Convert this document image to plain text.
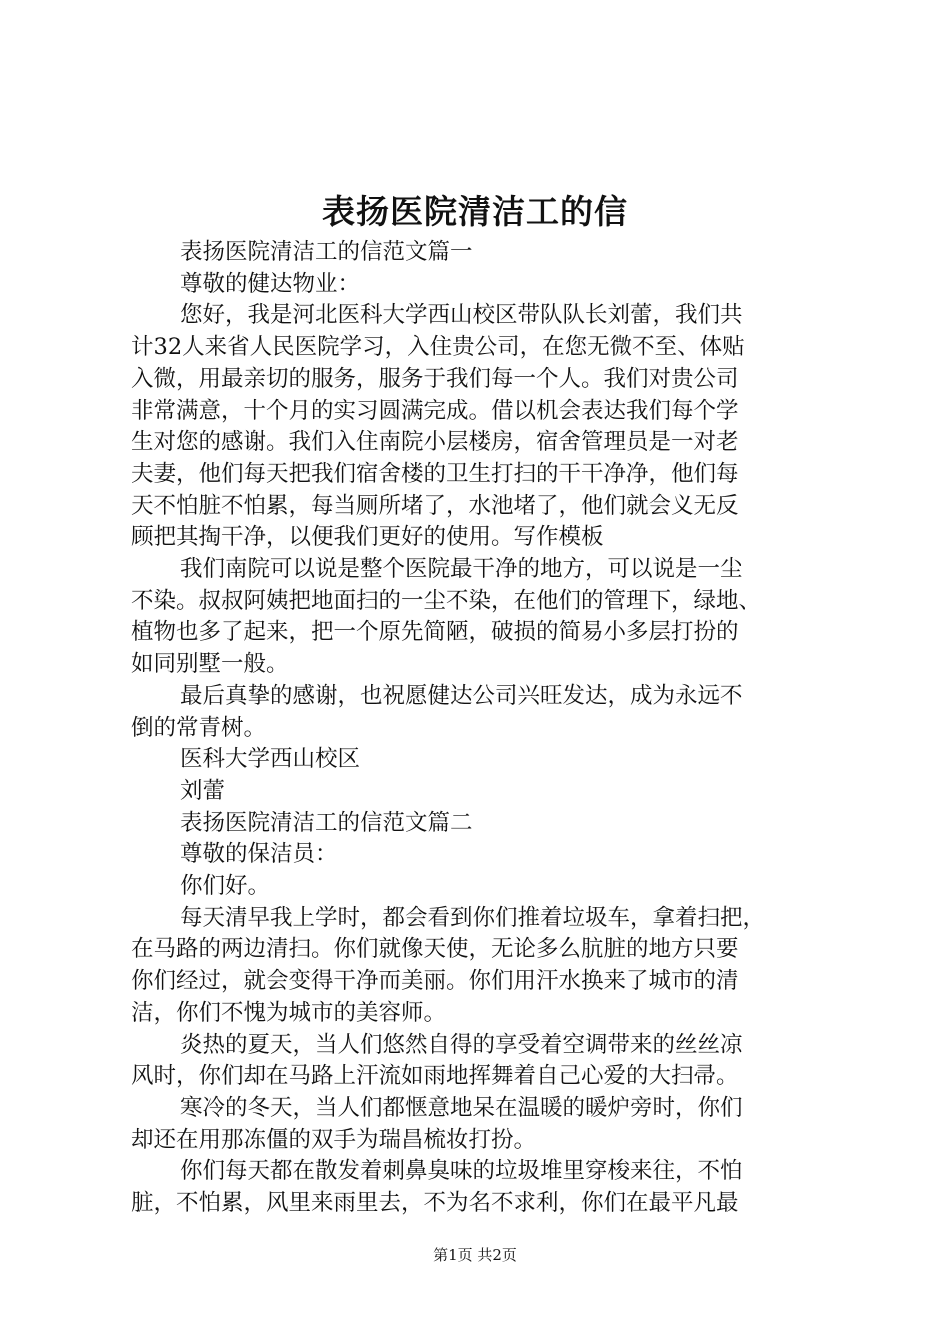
表扬医院清洁工的信
表扬医院清洁工的信范文篇一
尊敬的健达物业：
您好，我是河北医科大学西山校区带队队长刘蕾，我们共
计32人来省人民医院学习，入住贵公司，在您无微不至、体贴
入微，用最亲切的服务，服务于我们每一个人。我们对贵公司
非常满意，十个月的实习圆满完成。借以机会表达我们每个学
生对您的感谢。我们入住南院小层楼房，宿舍管理员是一对老
夫妻，他们每天把我们宿舍楼的卫生打扫的干干净净，他们每
天不怕脏不怕累，每当厕所堵了，水池堵了，他们就会义无反
顾把其掏干净，以便我们更好的使用。写作模板
我们南院可以说是整个医院最干净的地方，可以说是一尘
不染。叔叔阿姨把地面扫的一尘不染，在他们的管理下，绿地、
植物也多了起来，把一个原先简陋，破损的简易小多层打扮的
如同别墅一般。
最后真挚的感谢，也祝愿健达公司兴旺发达，成为永远不
倒的常青树。
医科大学西山校区
刘蕾
表扬医院清洁工的信范文篇二
尊敬的保洁员：
你们好。
每天清早我上学时，都会看到你们推着垃圾车，拿着扫把，
在马路的两边清扫。你们就像天使，无论多么肮脏的地方只要
你们经过，就会变得干净而美丽。你们用汗水换来了城市的清
洁，你们不愧为城市的美容师。
炎热的夏天，当人们悠然自得的享受着空调带来的丝丝凉
风时，你们却在马路上汗流如雨地挥舞着自己心爱的大扫帚。
寒冷的冬天，当人们都惬意地呆在温暖的暖炉旁时，你们
却还在用那冻僵的双手为瑞昌梳妆打扮。
你们每天都在散发着刺鼻臭味的垃圾堆里穿梭来往，不怕
脏，不怕累，风里来雨里去，不为名不求利，你们在最平凡最
第1页 共2页
